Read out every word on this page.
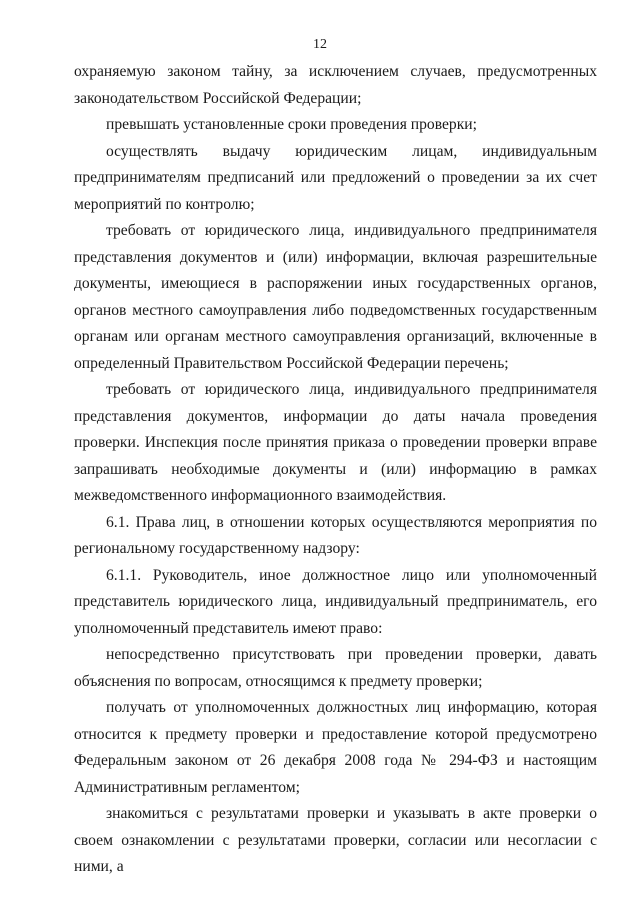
12

охраняемую законом тайну, за исключением случаев, предусмотренных законодательством Российской Федерации;

превышать установленные сроки проведения проверки;

осуществлять выдачу юридическим лицам, индивидуальным предпринимателям предписаний или предложений о проведении за их счет мероприятий по контролю;

требовать от юридического лица, индивидуального предпринимателя представления документов и (или) информации, включая разрешительные документы, имеющиеся в распоряжении иных государственных органов, органов местного самоуправления либо подведомственных государственным органам или органам местного самоуправления организаций, включенные в определенный Правительством Российской Федерации перечень;

требовать от юридического лица, индивидуального предпринимателя представления документов, информации до даты начала проведения проверки. Инспекция после принятия приказа о проведении проверки вправе запрашивать необходимые документы и (или) информацию в рамках межведомственного информационного взаимодействия.

6.1. Права лиц, в отношении которых осуществляются мероприятия по региональному государственному надзору:

6.1.1. Руководитель, иное должностное лицо или уполномоченный представитель юридического лица, индивидуальный предприниматель, его уполномоченный представитель имеют право:

непосредственно присутствовать при проведении проверки, давать объяснения по вопросам, относящимся к предмету проверки;

получать от уполномоченных должностных лиц информацию, которая относится к предмету проверки и предоставление которой предусмотрено Федеральным законом от 26 декабря 2008 года № 294-ФЗ и настоящим Административным регламентом;

знакомиться с результатами проверки и указывать в акте проверки о своем ознакомлении с результатами проверки, согласии или несогласии с ними, а
